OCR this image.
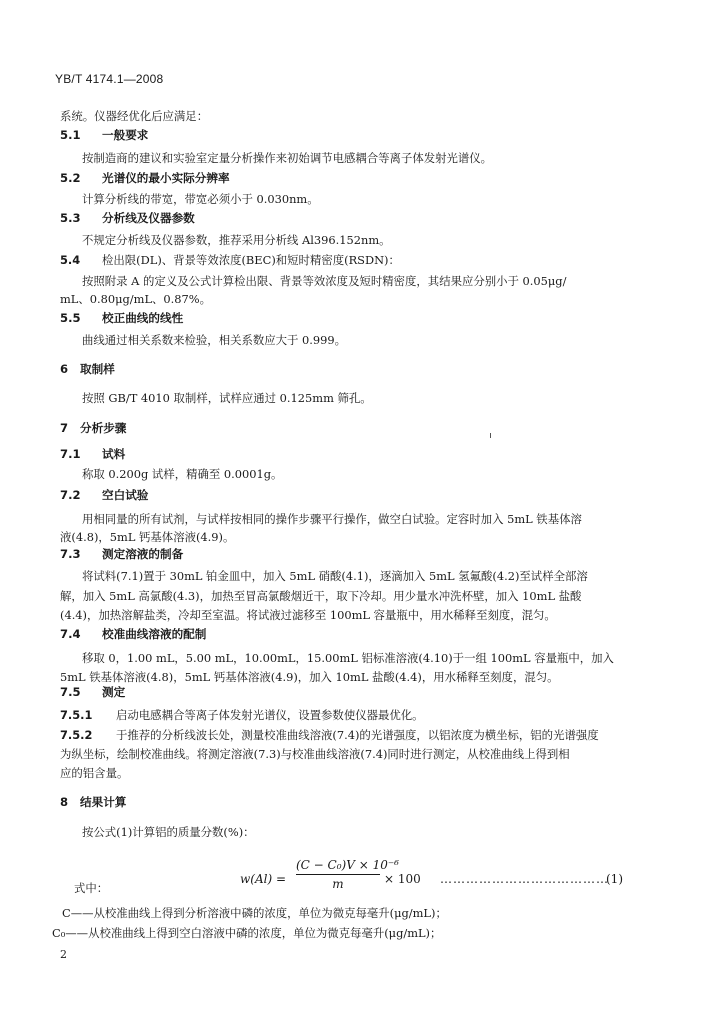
YB/T 4174.1—2008
系统。仪器经优化后应满足：
5.1 一般要求
按制造商的建议和实验室定量分析操作来初始调节电感耦合等离子体发射光谱仪。
5.2 光谱仪的最小实际分辨率
计算分析线的带宽，带宽必须小于 0.030nm。
5.3 分析线及仪器参数
不规定分析线及仪器参数，推荐采用分析线 Al396.152nm。
5.4 检出限(DL)、背景等效浓度(BEC)和短时精密度(RSDN)：
按照附录 A 的定义及公式计算检出限、背景等效浓度及短时精密度，其结果应分别小于 0.05μg/
mL、0.80μg/mL、0.87%。
5.5 校正曲线的线性
曲线通过相关系数来检验，相关系数应大于 0.999。
6 取制样
按照 GB/T 4010 取制样，试样应通过 0.125mm 筛孔。
7 分析步骤
7.1 试料
称取 0.200g 试样，精确至 0.0001g。
7.2 空白试验
用相同量的所有试剂，与试样按相同的操作步骤平行操作，做空白试验。定容时加入 5mL 铁基体溶
液(4.8)，5mL 钙基体溶液(4.9)。
7.3 测定溶液的制备
将试料(7.1)置于 30mL 铂金皿中，加入 5mL 硝酸(4.1)，逐滴加入 5mL 氢氟酸(4.2)至试样全部溶
解，加入 5mL 高氯酸(4.3)，加热至冒高氯酸烟近干，取下冷却。用少量水冲洗杯壁，加入 10mL 盐酸
(4.4)，加热溶解盐类，冷却至室温。将试液过滤移至 100mL 容量瓶中，用水稀释至刻度，混匀。
7.4 校准曲线溶液的配制
移取 0，1.00 mL，5.00 mL，10.00mL，15.00mL 铝标准溶液(4.10)于一组 100mL 容量瓶中，加入
5mL 铁基体溶液(4.8)，5mL 钙基体溶液(4.9)，加入 10mL 盐酸(4.4)，用水稀释至刻度，混匀。
7.5 测定
7.5.1 启动电感耦合等离子体发射光谱仪，设置参数使仪器最优化。
7.5.2 于推荐的分析线波长处，测量校准曲线溶液(7.4)的光谱强度，以铝浓度为横坐标，铝的光谱强度
为纵坐标，绘制校准曲线。将测定溶液(7.3)与校准曲线溶液(7.4)同时进行测定，从校准曲线上得到相
应的铝含量。
8 结果计算
按公式(1)计算铝的质量分数(%)：
$w(Al) = \frac{\text{(C − C₀)V × 10⁻⁶}}{m} \times 100$ …………………………………
(1)
式中：
C——从校准曲线上得到分析溶液中磷的浓度，单位为微克每毫升(μg/mL)；
C₀——从校准曲线上得到空白溶液中磷的浓度，单位为微克每毫升(μg/mL)；
2
